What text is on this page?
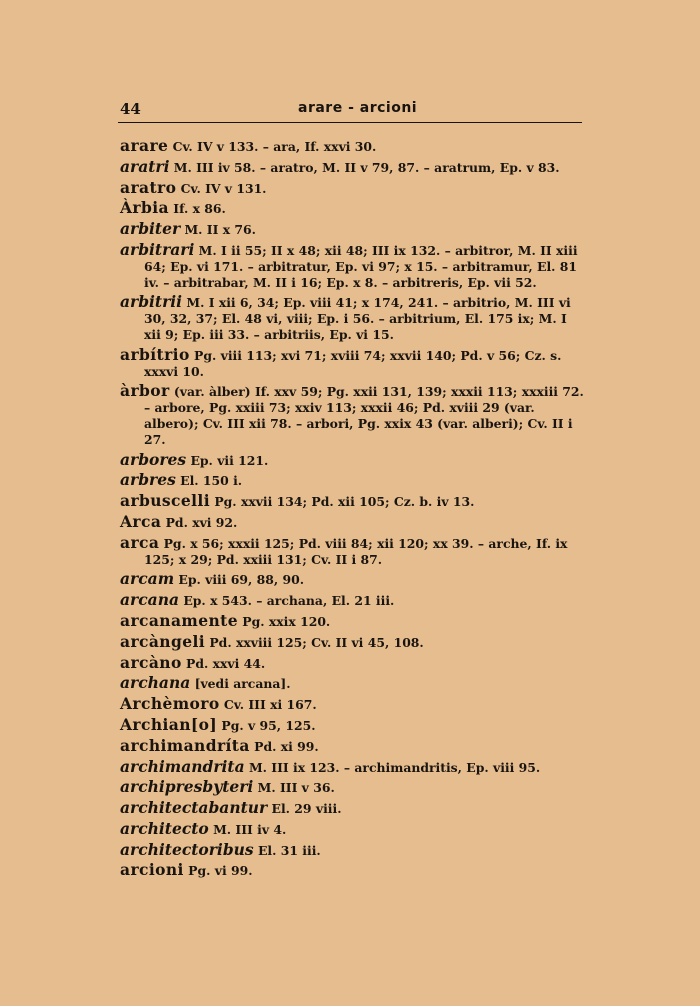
44	arare - arcioni
arare Cv. IV v 133. – ara, If. xxvi 30.
aratri M. III iv 58. – aratro, M. II v 79, 87. – aratrum, Ep. v 83.
aratro Cv. IV v 131.
Àrbia If. x 86.
arbiter M. II x 76.
arbitrari M. I ii 55; II x 48; xii 48; III ix 132. – arbitror, M. II xiii 64; Ep. vi 171. – arbitratur, Ep. vi 97; x 15. – arbitramur, El. 81 iv. – arbitrabar, M. II i 16; Ep. x 8. – arbitreris, Ep. vii 52.
arbitrii M. I xii 6, 34; Ep. viii 41; x 174, 241. – arbitrio, M. III vi 30, 32, 37; El. 48 vi, viii; Ep. i 56. – arbitrium, El. 175 ix; M. I xii 9; Ep. iii 33. – arbitriis, Ep. vi 15.
arbítrio Pg. viii 113; xvi 71; xviii 74; xxvii 140; Pd. v 56; Cz. s. xxxvi 10.
àrbor (var. àlber) If. xxv 59; Pg. xxii 131, 139; xxxii 113; xxxiii 72. – arbore, Pg. xxiii 73; xxiv 113; xxxii 46; Pd. xviii 29 (var. albero); Cv. III xii 78. – arbori, Pg. xxix 43 (var. alberi); Cv. II i 27.
arbores Ep. vii 121.
arbres El. 150 i.
arbuscelli Pg. xxvii 134; Pd. xii 105; Cz. b. iv 13.
Arca Pd. xvi 92.
arca Pg. x 56; xxxii 125; Pd. viii 84; xii 120; xx 39. – arche, If. ix 125; x 29; Pd. xxiii 131; Cv. II i 87.
arcam Ep. viii 69, 88, 90.
arcana Ep. x 543. – archana, El. 21 iii.
arcanamente Pg. xxix 120.
arcàngeli Pd. xxviii 125; Cv. II vi 45, 108.
arcàno Pd. xxvi 44.
archana [vedi arcana].
Archèmoro Cv. III xi 167.
Archian[o] Pg. v 95, 125.
archimandríta Pd. xi 99.
archimandrita M. III ix 123. – archimandritis, Ep. viii 95.
archipresbyteri M. III v 36.
architectabantur El. 29 viii.
architecto M. III iv 4.
architectoribus El. 31 iii.
arcioni Pg. vi 99.
